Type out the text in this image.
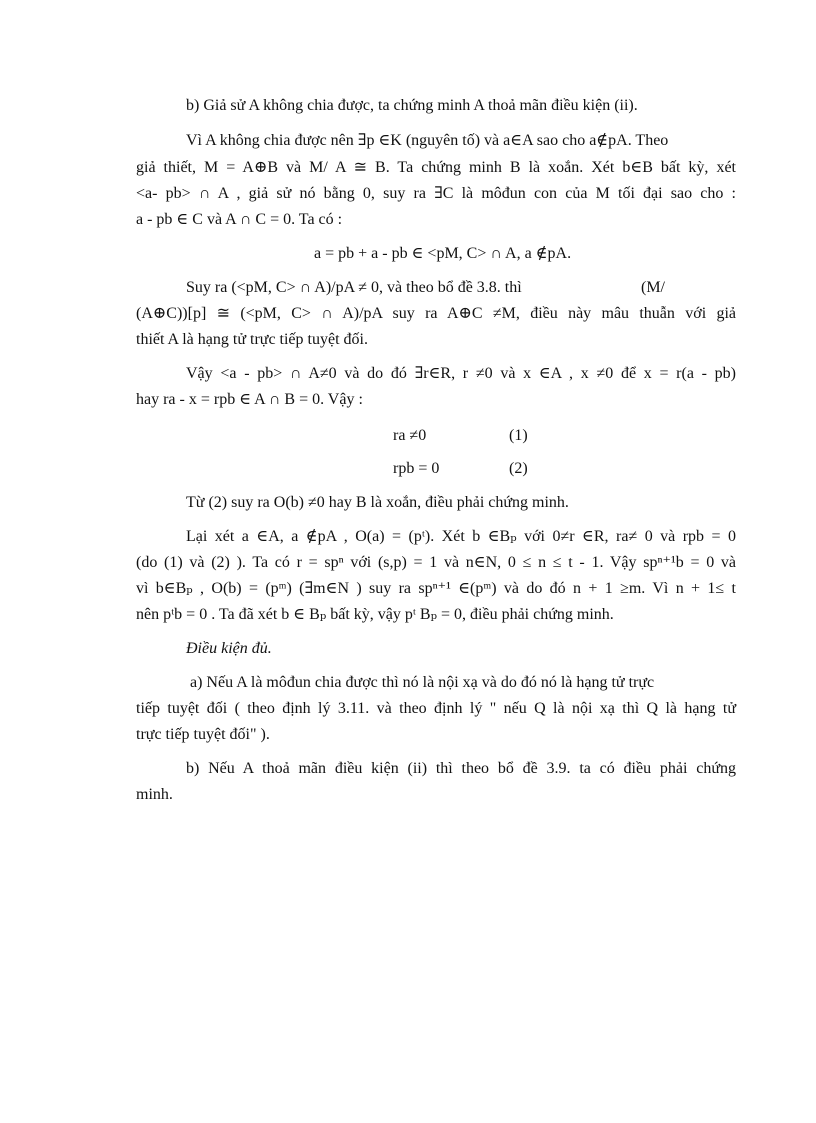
b) Giả sử A không chia được, ta chứng minh A thoả mãn điều kiện (ii).
Vì A không chia được nên ∃p ∈K (nguyên tố) và a∈A sao cho a∉pA. Theo
giả thiết, M = A⊕B và M/ A ≅ B. Ta chứng minh B là xoắn. Xét b∈B bất kỳ, xét
<a- pb> ∩ A , giả sử nó bằng 0, suy ra ∃C là môđun con của M tối đại sao cho :
a - pb ∈ C và A ∩ C = 0. Ta có :
a = pb + a - pb ∈ <pM, C> ∩ A, a ∉pA.
Suy ra (<pM, C> ∩ A)/pA ≠ 0, và theo bổ đề 3.8. thì	(M/
(A⊕C))[p] ≅ (<pM, C> ∩ A)/pA suy ra A⊕C ≠M, điều này mâu thuẫn với giả
thiết A là hạng tử trực tiếp tuyệt đối.
Vậy <a - pb> ∩ A≠0 và do đó ∃r∈R, r ≠0 và x ∈A , x ≠0 để x = r(a - pb)
hay ra - x = rpb ∈ A ∩ B = 0. Vậy :
ra ≠0	(1)
rpb = 0	(2)
Từ (2) suy ra O(b) ≠0 hay B là xoắn, điều phải chứng minh.
Lại xét a ∈A, a ∉pA , O(a) = (pᵗ). Xét b ∈Bₚ với 0≠r ∈R, ra≠ 0 và rpb = 0
(do (1) và (2) ). Ta có r = spⁿ với (s,p) = 1 và n∈N, 0 ≤ n ≤ t - 1. Vậy spⁿ⁺¹b = 0 và
vì b∈Bₚ , O(b) = (pᵐ) (∃m∈N ) suy ra spⁿ⁺¹ ∈(pᵐ) và do đó n + 1 ≥m. Vì n + 1≤ t
nên pᵗb = 0 . Ta đã xét b ∈ Bₚ bất kỳ, vậy pᵗ Bₚ = 0, điều phải chứng minh.
Điều kiện đủ.
a) Nếu A là môđun chia được thì nó là nội xạ và do đó nó là hạng tử trực
tiếp tuyệt đối ( theo định lý 3.11. và theo định lý " nếu Q là nội xạ thì Q là hạng tử
trực tiếp tuyệt đối" ).
b) Nếu A thoả mãn điều kiện (ii) thì theo bổ đề 3.9. ta có điều phải chứng
minh.
